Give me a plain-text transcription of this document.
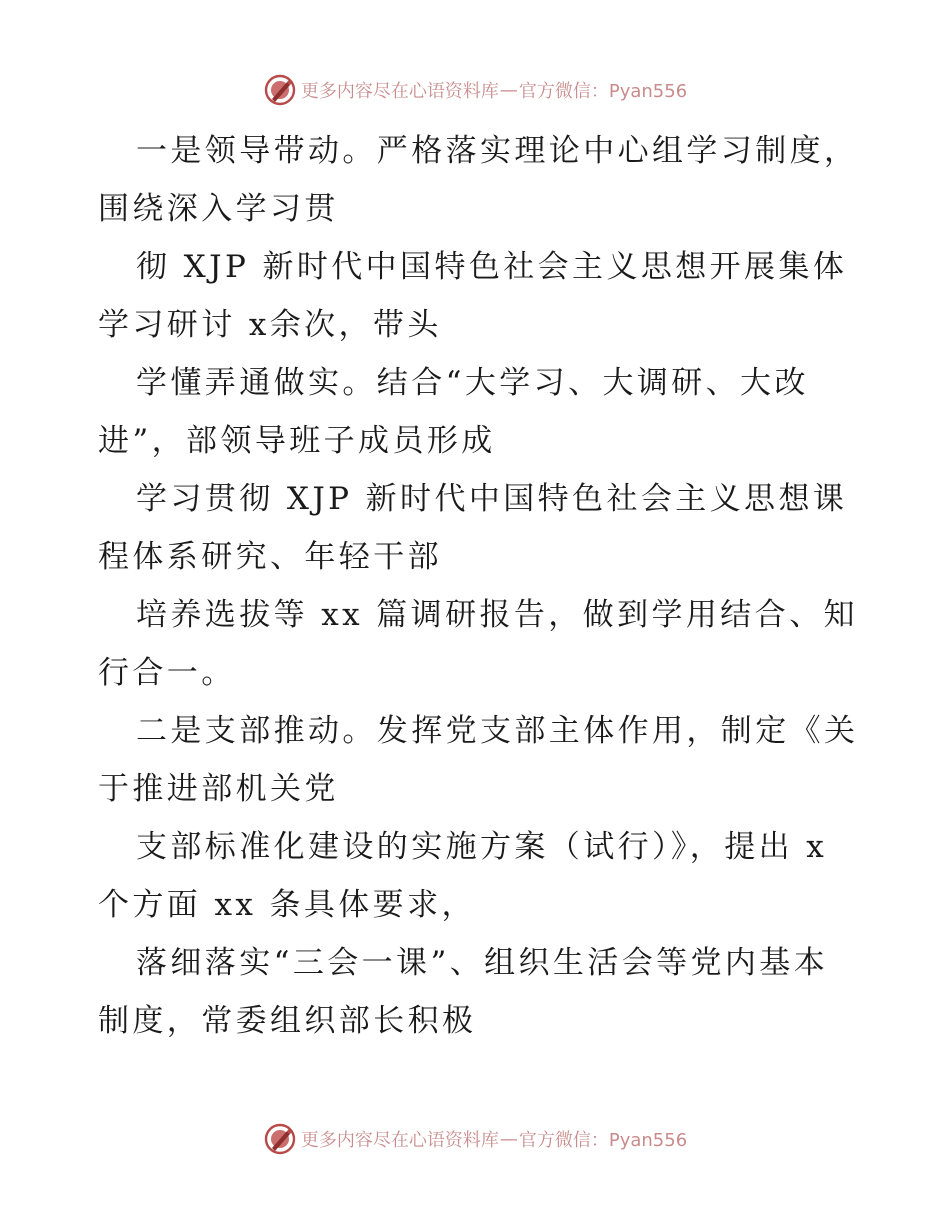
更多内容尽在心语资料库 — 官方微信：Pyan556
一是领导带动。严格落实理论中心组学习制度，
围绕深入学习贯
彻 XJP 新时代中国特色社会主义思想开展集体
学习研讨 x余次，带头
学懂弄通做实。结合“大学习、大调研、大改
进”，部领导班子成员形成
学习贯彻 XJP 新时代中国特色社会主义思想课
程体系研究、年轻干部
培养选拔等 xx 篇调研报告，做到学用结合、知
行合一。
二是支部推动。发挥党支部主体作用，制定《关
于推进部机关党
支部标准化建设的实施方案（试行）》，提出 x
个方面 xx 条具体要求，
落细落实“三会一课”、组织生活会等党内基本
制度，常委组织部长积极
更多内容尽在心语资料库 — 官方微信：Pyan556
